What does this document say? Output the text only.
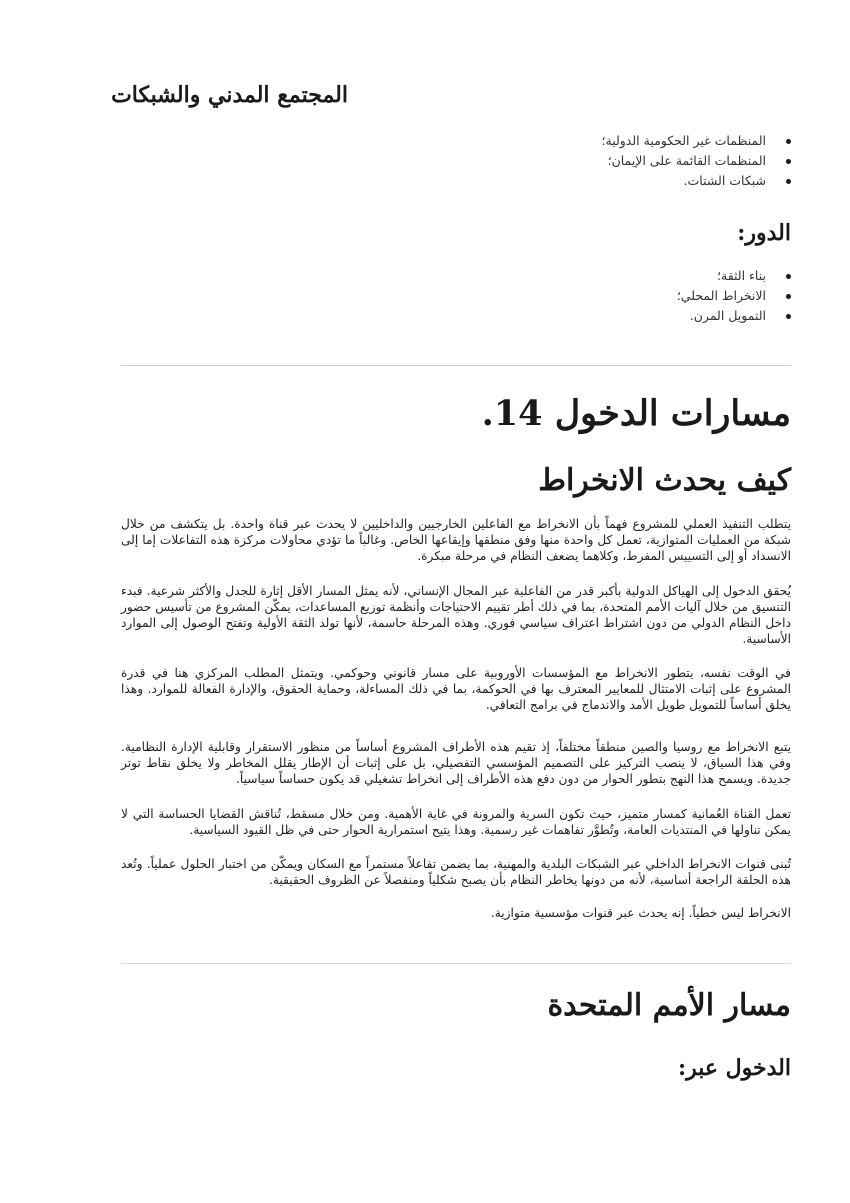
المجتمع المدني والشبكات
المنظمات غير الحكومية الدولية؛
المنظمات القائمة على الإيمان؛
شبكات الشتات.
الدور:
بناء الثقة؛
الانخراط المحلي؛
التمويل المرن.
مسارات الدخول 14.
كيف يحدث الانخراط

يتطلب التنفيذ العملي للمشروع فهماً بأن الانخراط مع الفاعلين الخارجيين والداخليين لا يحدث عبر قناة واحدة. بل يتكشف من خلال شبكة من العمليات المتوازية، تعمل كل واحدة منها وفق منطقها وإيقاعها الخاص. وغالباً ما تؤدي محاولات مركزة هذه التفاعلات إما إلى الانسداد أو إلى التسييس المفرط، وكلاهما يضعف النظام في مرحلة مبكرة.

يُحقق الدخول إلى الهياكل الدولية بأكبر قدر من الفاعلية عبر المجال الإنساني، لأنه يمثل المسار الأقل إثارة للجدل والأكثر شرعية. فبدء التنسيق من خلال آليات الأمم المتحدة، بما في ذلك أطر تقييم الاحتياجات وأنظمة توزيع المساعدات، يمكّن المشروع من تأسيس حضور داخل النظام الدولي من دون اشتراط اعتراف سياسي فوري. وهذه المرحلة حاسمة، لأنها تولد الثقة الأولية وتفتح الوصول إلى الموارد الأساسية.

في الوقت نفسه، يتطور الانخراط مع المؤسسات الأوروبية على مسار قانوني وحوكمي. ويتمثل المطلب المركزي هنا في قدرة المشروع على إثبات الامتثال للمعايير المعترف بها في الحوكمة، بما في ذلك المساءلة، وحماية الحقوق، والإدارة الفعالة للموارد. وهذا يخلق أساساً للتمويل طويل الأمد والاندماج في برامج التعافي.

يتبع الانخراط مع روسيا والصين منطقاً مختلفاً، إذ تقيم هذه الأطراف المشروع أساساً من منظور الاستقرار وقابلية الإدارة النظامية. وفي هذا السياق، لا ينصب التركيز على التصميم المؤسسي التفصيلي، بل على إثبات أن الإطار يقلل المخاطر ولا يخلق نقاط توتر جديدة. ويسمح هذا النهج بتطور الحوار من دون دفع هذه الأطراف إلى انخراط تشغيلي قد يكون حساساً سياسياً.

تعمل القناة العُمانية كمسار متميز، حيث تكون السرية والمرونة في غاية الأهمية. ومن خلال مسقط، تُناقش القضايا الحساسة التي لا يمكن تناولها في المنتديات العامة، وتُطوَّر تفاهمات غير رسمية. وهذا يتيح استمرارية الحوار حتى في ظل القيود السياسية.

تُبنى قنوات الانخراط الداخلي عبر الشبكات البلدية والمهنية، بما يضمن تفاعلاً مستمراً مع السكان ويمكّن من اختبار الحلول عملياً. وتُعد هذه الحلقة الراجعة أساسية، لأنه من دونها يخاطر النظام بأن يصبح شكلياً ومنفصلاً عن الظروف الحقيقية.

الانخراط ليس خطياً. إنه يحدث عبر قنوات مؤسسية متوازية.

مسار الأمم المتحدة
الدخول عبر:
